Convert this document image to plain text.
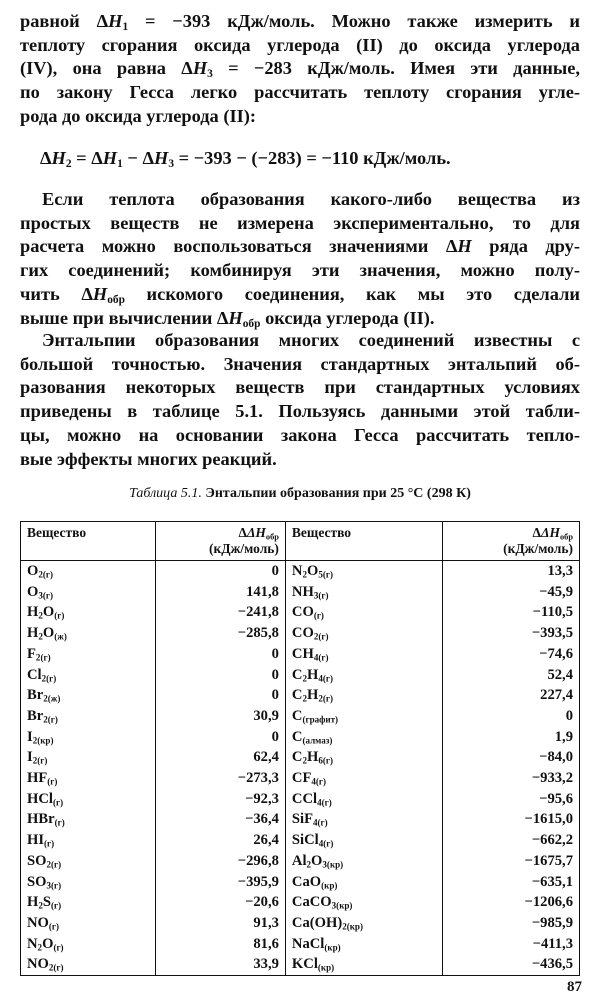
равной $\Delta H_1 = -393$ кДж/моль. Можно также измерить и
теплоту сгорания оксида углерода (II) до оксида углерода
(IV), она равна $\Delta H_3 = -283$ кДж/моль. Имея эти данные,
по закону Гесса легко рассчитать теплоту сгорания угле-
рода до оксида углерода (II):
$\Delta H_2 = \Delta H_1 - \Delta H_3 = -393 - (-283) = -110$ кДж/моль.
Если теплота образования какого-либо вещества из
простых веществ не измерена экспериментально, то для
расчета можно воспользоваться значениями ΔH ряда дру-
гих соединений; комбинируя эти значения, можно полу-
чить $\Delta H_{обр}$ искомого соединения, как мы это сделали
выше при вычислении $\Delta H_{обр}$ оксида углерода (II).
Энтальпии образования многих соединений известны с
большой точностью. Значения стандартных энтальпий об-
разования некоторых веществ при стандартных условиях
приведены в таблице 5.1. Пользуясь данными этой табли-
цы, можно на основании закона Гесса рассчитать тепло-
вые эффекты многих реакций.
Таблица 5.1. Энтальпии образования при 25 °С (298 К)
Вещество	$\Delta\Delta H_{обр}$
(кДж/моль)	Вещество	$\Delta\Delta H_{обр}$
(кДж/моль)
$O_{2(г)}$	0	$N_2O_{5(г)}$	13,3
$O_{3(г)}$	141,8	$NH_{3(г)}$	−45,9
$H_2O_{(г)}$	−241,8	$CO_{(г)}$	−110,5
$H_2O_{(ж)}$	−285,8	$CO_{2(г)}$	−393,5
$F_{2(г)}$	0	$CH_{4(г)}$	−74,6
$Cl_{2(г)}$	0	$C_2H_{4(г)}$	52,4
$Br_{2(ж)}$	0	$C_2H_{2(г)}$	227,4
$Br_{2(г)}$	30,9	$C_{(графит)}$	0
$I_{2(кр)}$	0	$C_{(алмаз)}$	1,9
$I_{2(г)}$	62,4	$C_2H_{6(г)}$	−84,0
$HF_{(г)}$	−273,3	$CF_{4(г)}$	−933,2
HCl$_{(г)}$	−92,3	CCl$_{4(г)}$	−95,6
HBr$_{(г)}$	−36,4	SiF$_{4(г)}$	−1615,0
$HI_{(г)}$	26,4	SiCl$_{4(г)}$	−662,2
$SO_{2(г)}$	−296,8	$Al_2O_{3(кр)}$	−1675,7
$SO_{3(г)}$	−395,9	CaO$_{(кр)}$	−635,1
$H_2S_{(г)}$	−20,6	CaCO$_{3(кр)}$	−1206,6
$NO_{(г)}$	91,3	$Ca(OH)_{2(кр)}$	−985,9
$N_2O_{(г)}$	81,6	NaCl$_{(кр)}$	−411,3
$NO_{2(г)}$	33,9	KCl$_{(кр)}$	−436,5
87
